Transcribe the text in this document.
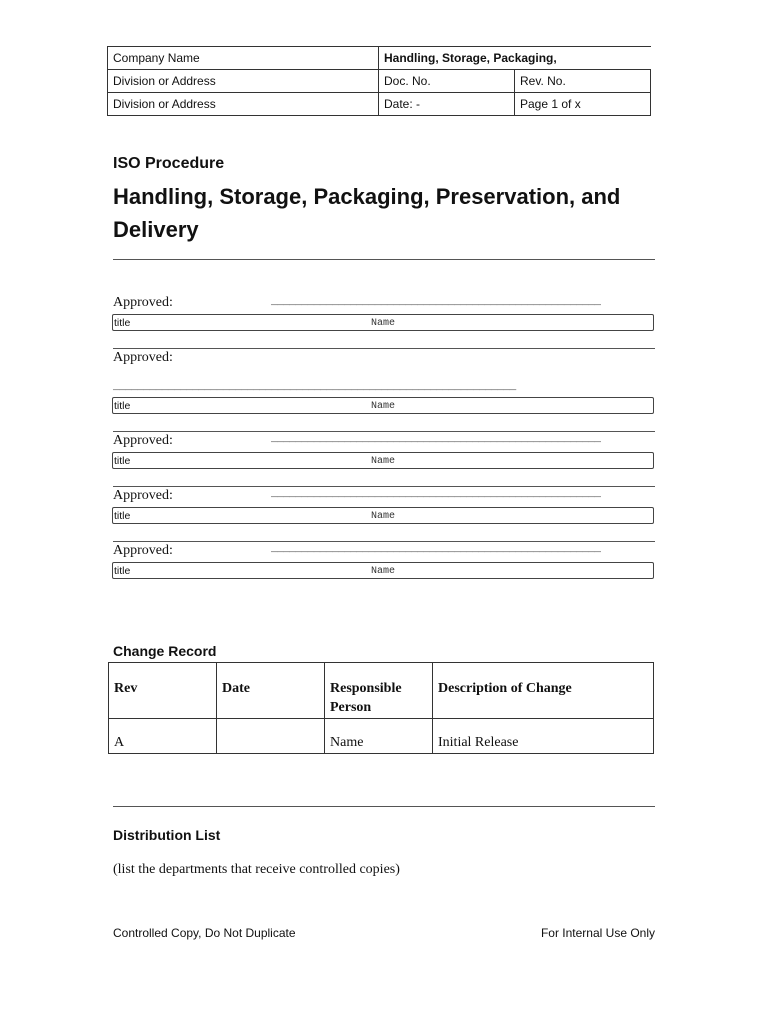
Company Name	Handling, Storage, Packaging,	
Division or Address	Doc. No.	Rev. No.
Division or Address	Date: -	Page 1 of x
ISO Procedure
Handling, Storage, Packaging, Preservation, and Delivery
Approved:	______________________________________________________
title	Name
Approved:
__________________________________________________________________
title	Name
Approved:	______________________________________________________
title	Name
Approved:	______________________________________________________
title	Name
Approved:	______________________________________________________
title	Name
Change Record
Rev	Date	Responsible Person	Description of Change
A		Name	Initial Release
Distribution List
(list the departments that receive controlled copies)
Controlled Copy, Do Not Duplicate	For Internal Use Only
